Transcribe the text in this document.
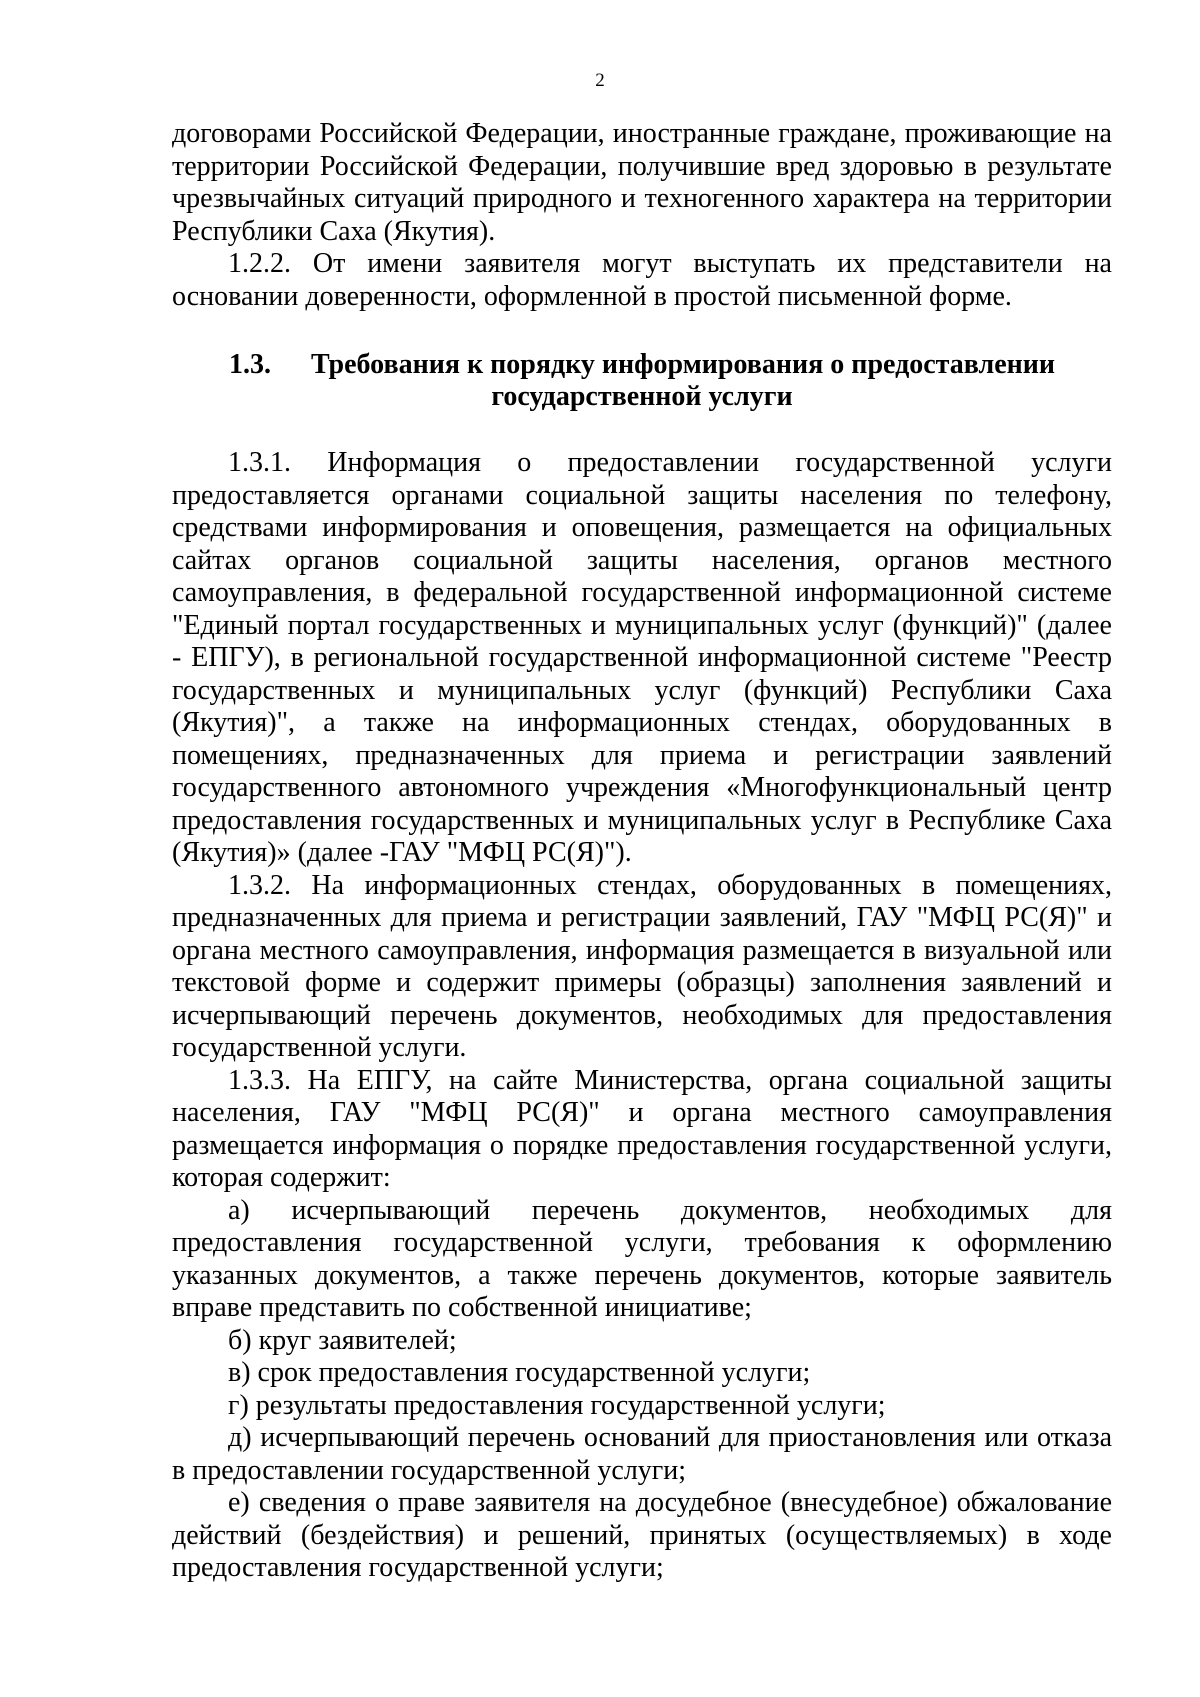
2

договорами Российской Федерации, иностранные граждане, проживающие на территории Российской Федерации, получившие вред здоровью в результате чрезвычайных ситуаций природного и техногенного характера на территории Республики Саха (Якутия).

1.2.2. От имени заявителя могут выступать их представители на основании доверенности, оформленной в простой письменной форме.

1.3. Требования к порядку информирования о предоставлении
государственной услуги

1.3.1. Информация о предоставлении государственной услуги предоставляется органами социальной защиты населения по телефону, средствами информирования и оповещения, размещается на официальных сайтах органов социальной защиты населения, органов местного самоуправления, в федеральной государственной информационной системе "Единый портал государственных и муниципальных услуг (функций)" (далее - ЕПГУ), в региональной государственной информационной системе "Реестр государственных и муниципальных услуг (функций) Республики Саха (Якутия)", а также на информационных стендах, оборудованных в помещениях, предназначенных для приема и регистрации заявлений государственного автономного учреждения «Многофункциональный центр предоставления государственных и муниципальных услуг в Республике Саха (Якутия)» (далее -ГАУ "МФЦ РС(Я)").

1.3.2. На информационных стендах, оборудованных в помещениях, предназначенных для приема и регистрации заявлений, ГАУ "МФЦ РС(Я)" и органа местного самоуправления, информация размещается в визуальной или текстовой форме и содержит примеры (образцы) заполнения заявлений и исчерпывающий перечень документов, необходимых для предоставления государственной услуги.

1.3.3. На ЕПГУ, на сайте Министерства, органа социальной защиты населения, ГАУ "МФЦ РС(Я)" и органа местного самоуправления размещается информация о порядке предоставления государственной услуги, которая содержит:

а) исчерпывающий перечень документов, необходимых для предоставления государственной услуги, требования к оформлению указанных документов, а также перечень документов, которые заявитель вправе представить по собственной инициативе;

б) круг заявителей;

в) срок предоставления государственной услуги;

г) результаты предоставления государственной услуги;

д) исчерпывающий перечень оснований для приостановления или отказа в предоставлении государственной услуги;

е) сведения о праве заявителя на досудебное (внесудебное) обжалование действий (бездействия) и решений, принятых (осуществляемых) в ходе предоставления государственной услуги;
